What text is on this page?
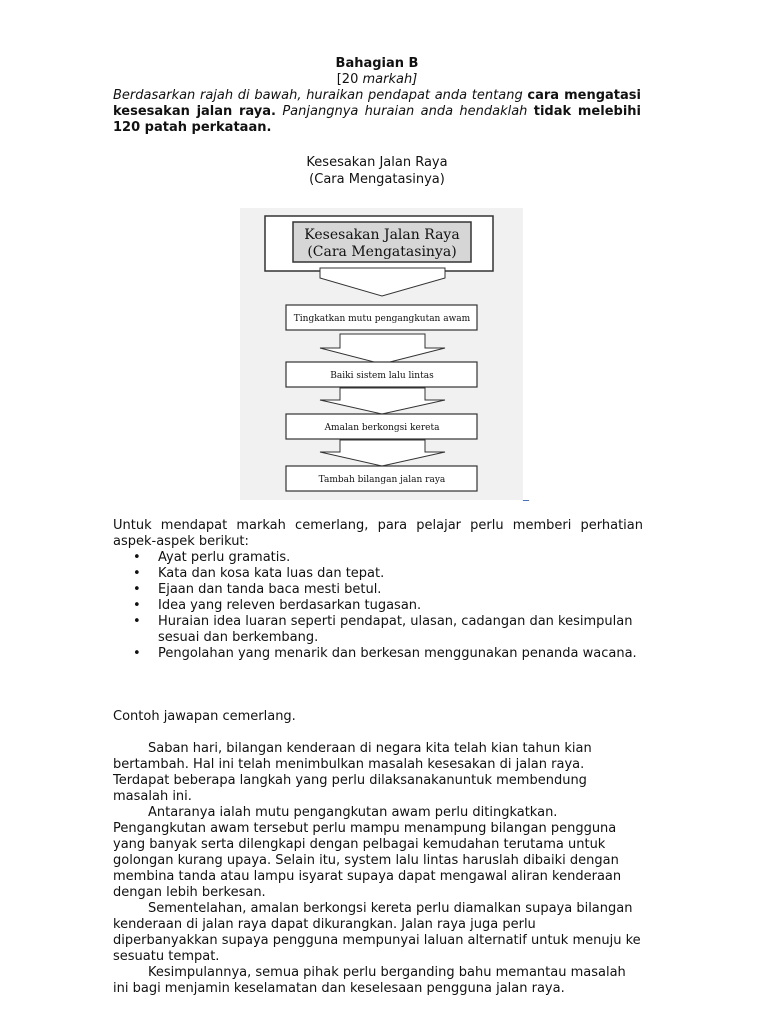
Bahagian B

[20 markah]

Berdasarkan rajah di bawah, huraikan pendapat anda tentang cara mengatasi kesesakan jalan raya. Panjangnya huraian anda hendaklah tidak melebihi 120 patah perkataan.

Kesesakan Jalan Raya
(Cara Mengatasinya)
Kesesakan Jalan Raya
(Cara Mengatasinya)
Tingkatkan mutu pengangkutan awam
Baiki sistem lalu lintas
Amalan berkongsi kereta
Tambah bilangan jalan raya
_

Untuk mendapat markah cemerlang, para pelajar perlu memberi perhatian aspek-aspek berikut:

• Ayat perlu gramatis.
• Kata dan kosa kata luas dan tepat.
• Ejaan dan tanda baca mesti betul.
• Idea yang releven berdasarkan tugasan.
• Huraian idea luaran seperti pendapat, ulasan, cadangan dan kesimpulan sesuai dan berkembang.
• Pengolahan yang menarik dan berkesan menggunakan penanda wacana.
Contoh jawapan cemerlang.

Saban hari, bilangan kenderaan di negara kita telah kian tahun kian bertambah. Hal ini telah menimbulkan masalah kesesakan di jalan raya. Terdapat beberapa langkah yang perlu dilaksanakanuntuk membendung masalah ini.

Antaranya ialah mutu pengangkutan awam perlu ditingkatkan. Pengangkutan awam tersebut perlu mampu menampung bilangan pengguna yang banyak serta dilengkapi dengan pelbagai kemudahan terutama untuk golongan kurang upaya. Selain itu, system lalu lintas haruslah dibaiki dengan membina tanda atau lampu isyarat supaya dapat mengawal aliran kenderaan dengan lebih berkesan.

Sementelahan, amalan berkongsi kereta perlu diamalkan supaya bilangan kenderaan di jalan raya dapat dikurangkan. Jalan raya juga perlu diperbanyakkan supaya pengguna mempunyai laluan alternatif untuk menuju ke sesuatu tempat.

Kesimpulannya, semua pihak perlu berganding bahu memantau masalah ini bagi menjamin keselamatan dan keselesaan pengguna jalan raya.
